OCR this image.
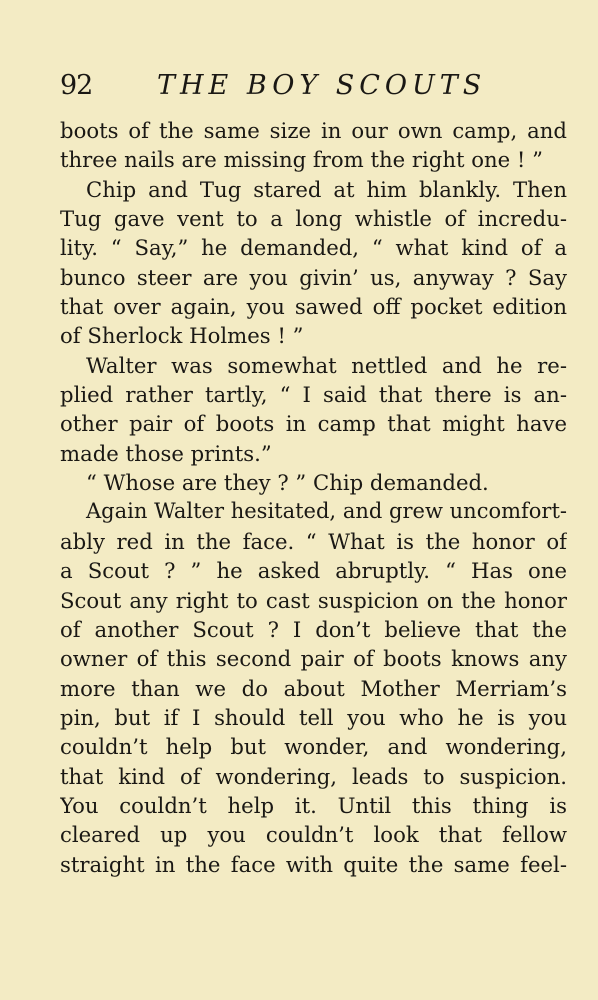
92 THE BOY SCOUTS
boots of the same size in our own camp, and
three nails are missing from the right one ! ”
Chip and Tug stared at him blankly. Then
Tug gave vent to a long whistle of incredu-
lity. “ Say,” he demanded, “ what kind of a
bunco steer are you givin’ us, anyway ? Say
that over again, you sawed off pocket edition
of Sherlock Holmes ! ”
Walter was somewhat nettled and he re-
plied rather tartly, “ I said that there is an-
other pair of boots in camp that might have
made those prints.”
“ Whose are they ? ” Chip demanded.
Again Walter hesitated, and grew uncomfort-
ably red in the face. “ What is the honor of
a Scout ? ” he asked abruptly. “ Has one
Scout any right to cast suspicion on the honor
of another Scout ? I don’t believe that the
owner of this second pair of boots knows any
more than we do about Mother Merriam’s
pin, but if I should tell you who he is you
couldn’t help but wonder, and wondering,
that kind of wondering, leads to suspicion.
You couldn’t help it. Until this thing is
cleared up you couldn’t look that fellow
straight in the face with quite the same feel-
